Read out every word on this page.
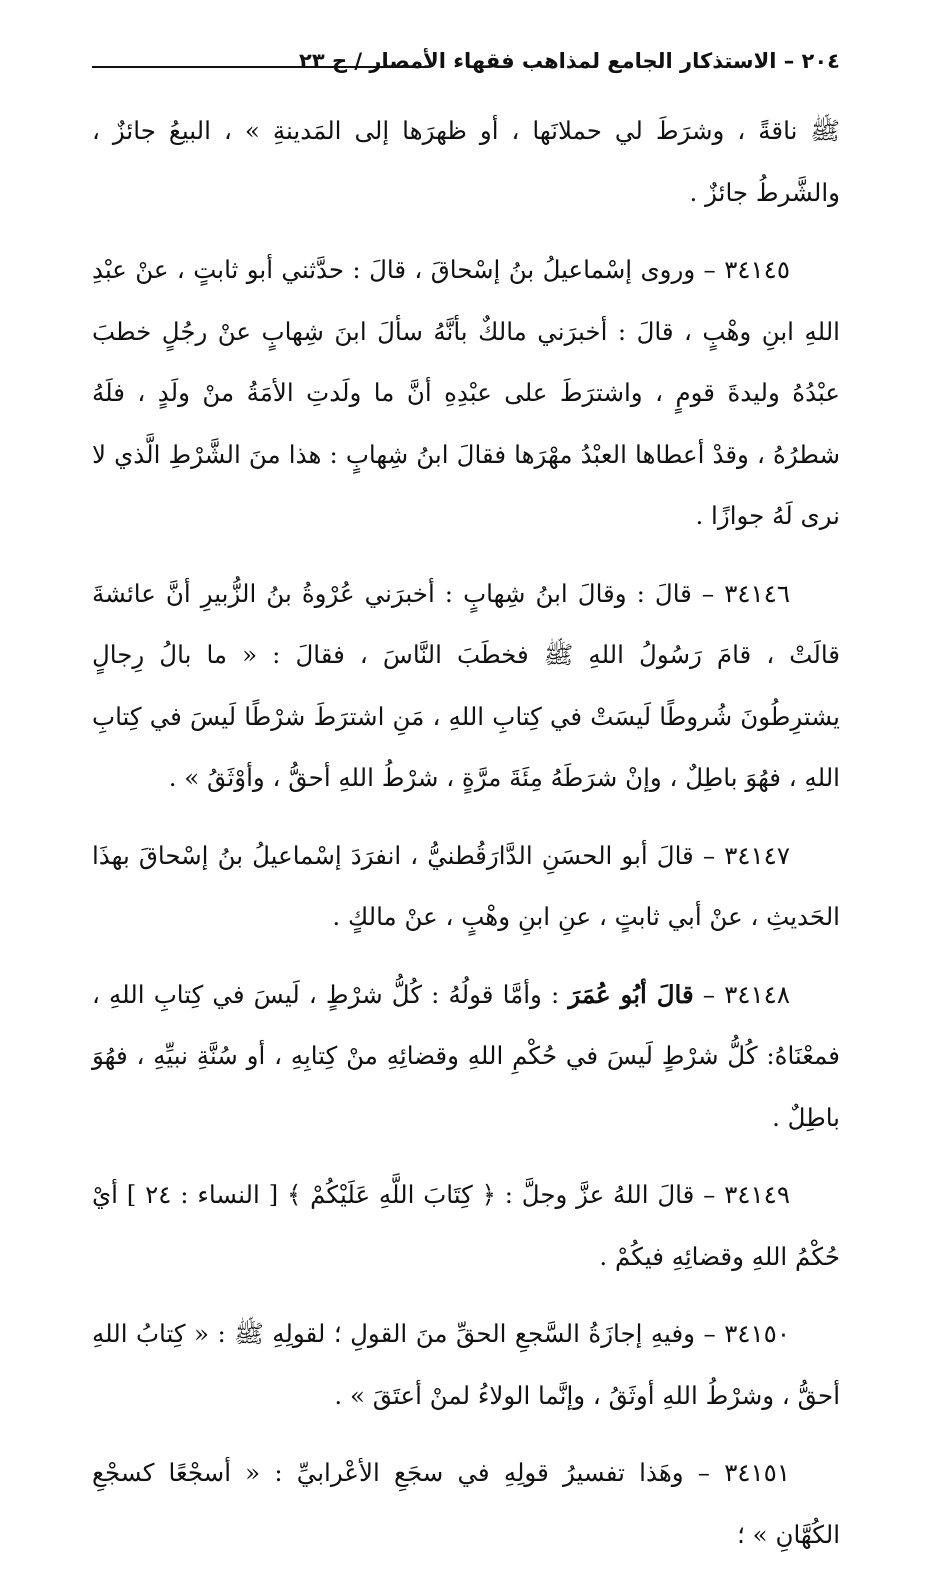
٢٠٤ – الاستذكار الجامع لمذاهب فقهاء الأمصار / ج ٢٣

ﷺ ناقةً ، وشرَطَ لي حملانَها ، أو ظهرَها إلى المَدينةِ » ، البيعُ جائزٌ ، والشَّرطُ جائزٌ .

٣٤١٤٥ – وروى إسْماعيلُ بنُ إسْحاقَ ، قالَ : حدَّثني أبو ثابتٍ ، عنْ عبْدِ اللهِ ابنِ وهْبٍ ، قالَ : أخبرَني مالكٌ بأنَّهُ سألَ ابنَ شِهابٍ عنْ رجُلٍ خطبَ عبْدُهُ وليدةَ قومٍ ، واشترَطَ على عبْدِهِ أنَّ ما ولَدتِ الأمَةُ منْ ولَدٍ ، فلَهُ شطرُهُ ، وقدْ أعطاها العبْدُ مهْرَها فقالَ ابنُ شِهابٍ : هذا منَ الشَّرْطِ الَّذي لا نرى لَهُ جوازًا .

٣٤١٤٦ – قالَ : وقالَ ابنُ شِهابٍ : أخبرَني عُرْوةُ بنُ الزُّبيرِ أنَّ عائشةَ قالَتْ ، قامَ رَسُولُ اللهِ ﷺ فخطَبَ النَّاسَ ، فقالَ : « ما بالُ رِجالٍ يشترِطُونَ شُروطًا لَيسَتْ في كِتابِ اللهِ ، مَنِ اشترَطَ شرْطًا لَيسَ في كِتابِ اللهِ ، فهُوَ باطِلٌ ، وإنْ شرَطَهُ مِئَةَ مرَّةٍ ، شرْطُ اللهِ أحقُّ ، وأوْثَقُ » .

٣٤١٤٧ – قالَ أبو الحسَنِ الدَّارَقُطنيُّ ، انفرَدَ إسْماعيلُ بنُ إسْحاقَ بهذَا الحَديثِ ، عنْ أبي ثابتٍ ، عنِ ابنِ وهْبٍ ، عنْ مالكٍ .

٣٤١٤٨ – قالَ أبُو عُمَرَ : وأمَّا قولُهُ : كُلُّ شرْطٍ ، لَيسَ في كِتابِ اللهِ ، فمعْنَاهُ: كُلُّ شرْطٍ لَيسَ في حُكْمِ اللهِ وقضائِهِ منْ كِتابِهِ ، أو سُنَّةِ نبيِّهِ ، فهُوَ باطِلٌ .

٣٤١٤٩ – قالَ اللهُ عزَّ وجلَّ : ﴿ كِتَابَ اللَّهِ عَلَيْكُمْ ﴾ [ النساء : ٢٤ ] أيْ حُكْمُ اللهِ وقضائِهِ فيكُمْ .

٣٤١٥٠ – وفيهِ إجازَةُ السَّجعِ الحقِّ منَ القولِ ؛ لقولِهِ ﷺ : « كِتابُ اللهِ أحقُّ ، وشرْطُ اللهِ أوثَقُ ، وإنَّما الولاءُ لمنْ أعتَقَ » .

٣٤١٥١ – وهَذا تفسيرُ قولِهِ في سجَعِ الأعْرابيِّ : « أسجْعًا كسجْعِ الكُهَّانِ » ؛
